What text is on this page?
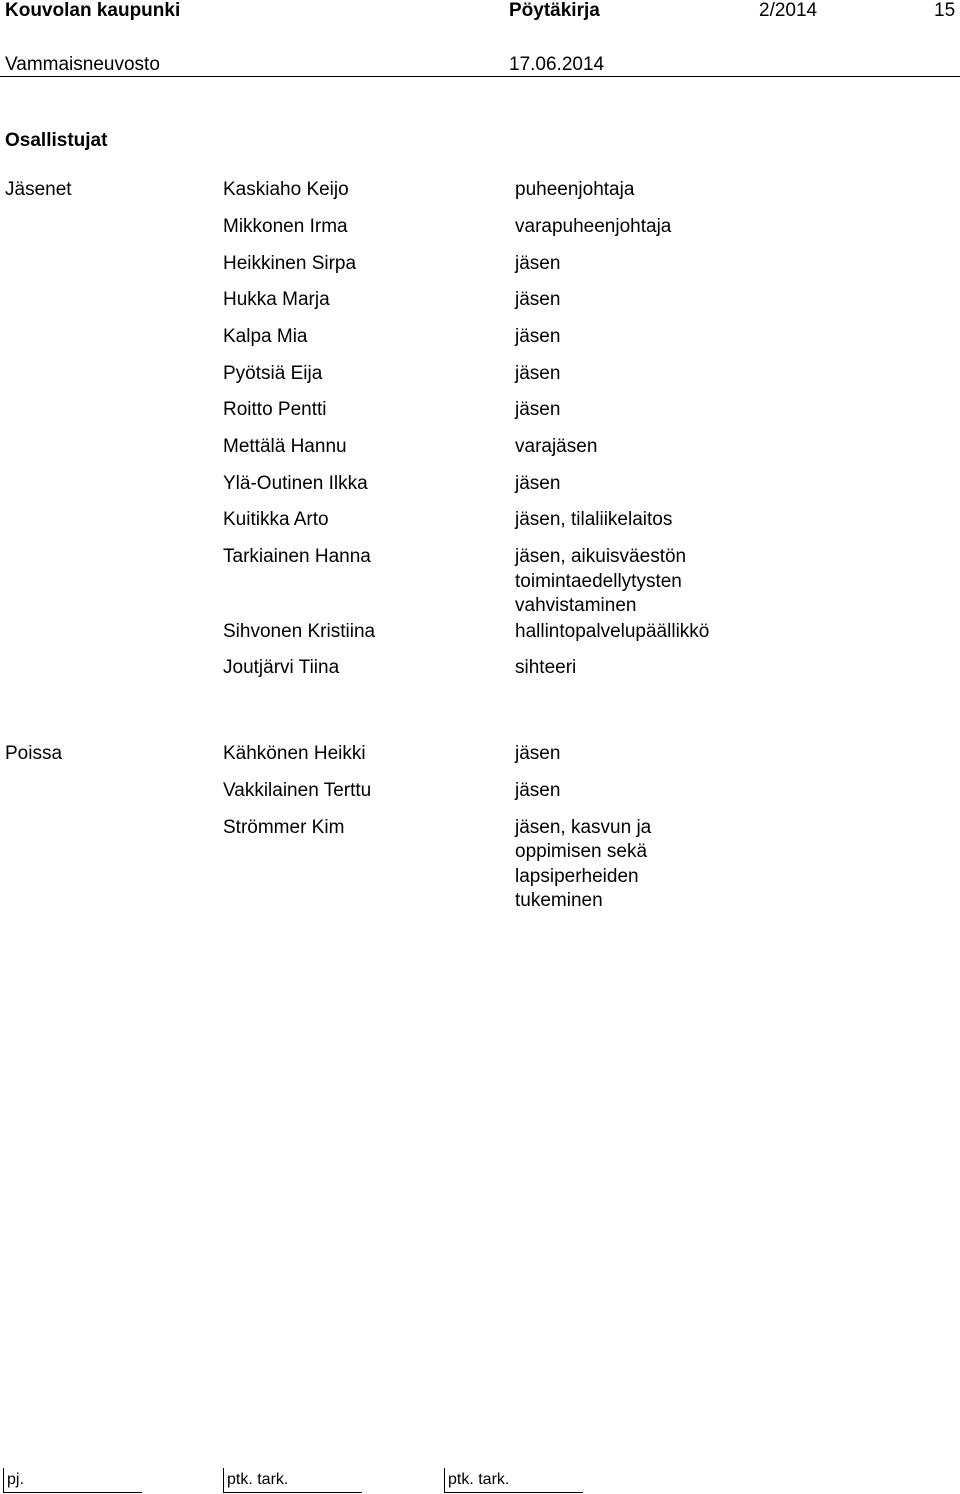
Kouvolan kaupunki	Pöytäkirja	2/2014	15
Vammaisneuvosto	17.06.2014
Osallistujat
Jäsenet	Kaskiaho Keijo	puheenjohtaja
Mikkonen Irma	varapuheenjohtaja
Heikkinen Sirpa	jäsen
Hukka Marja	jäsen
Kalpa Mia	jäsen
Pyötsiä Eija	jäsen
Roitto Pentti	jäsen
Mettälä Hannu	varajäsen
Ylä-Outinen Ilkka	jäsen
Kuitikka Arto	jäsen, tilaliikelaitos
Tarkiainen Hanna	jäsen, aikuisväestön
toimintaedellytysten
vahvistaminen
Sihvonen Kristiina	hallintopalvelupäällikkö
Joutjärvi Tiina	sihteeri
Poissa	Kähkönen Heikki	jäsen
Vakkilainen Terttu	jäsen
Strömmer Kim	jäsen, kasvun ja
oppimisen sekä
lapsiperheiden
tukeminen
pj.	ptk. tark.	ptk. tark.
